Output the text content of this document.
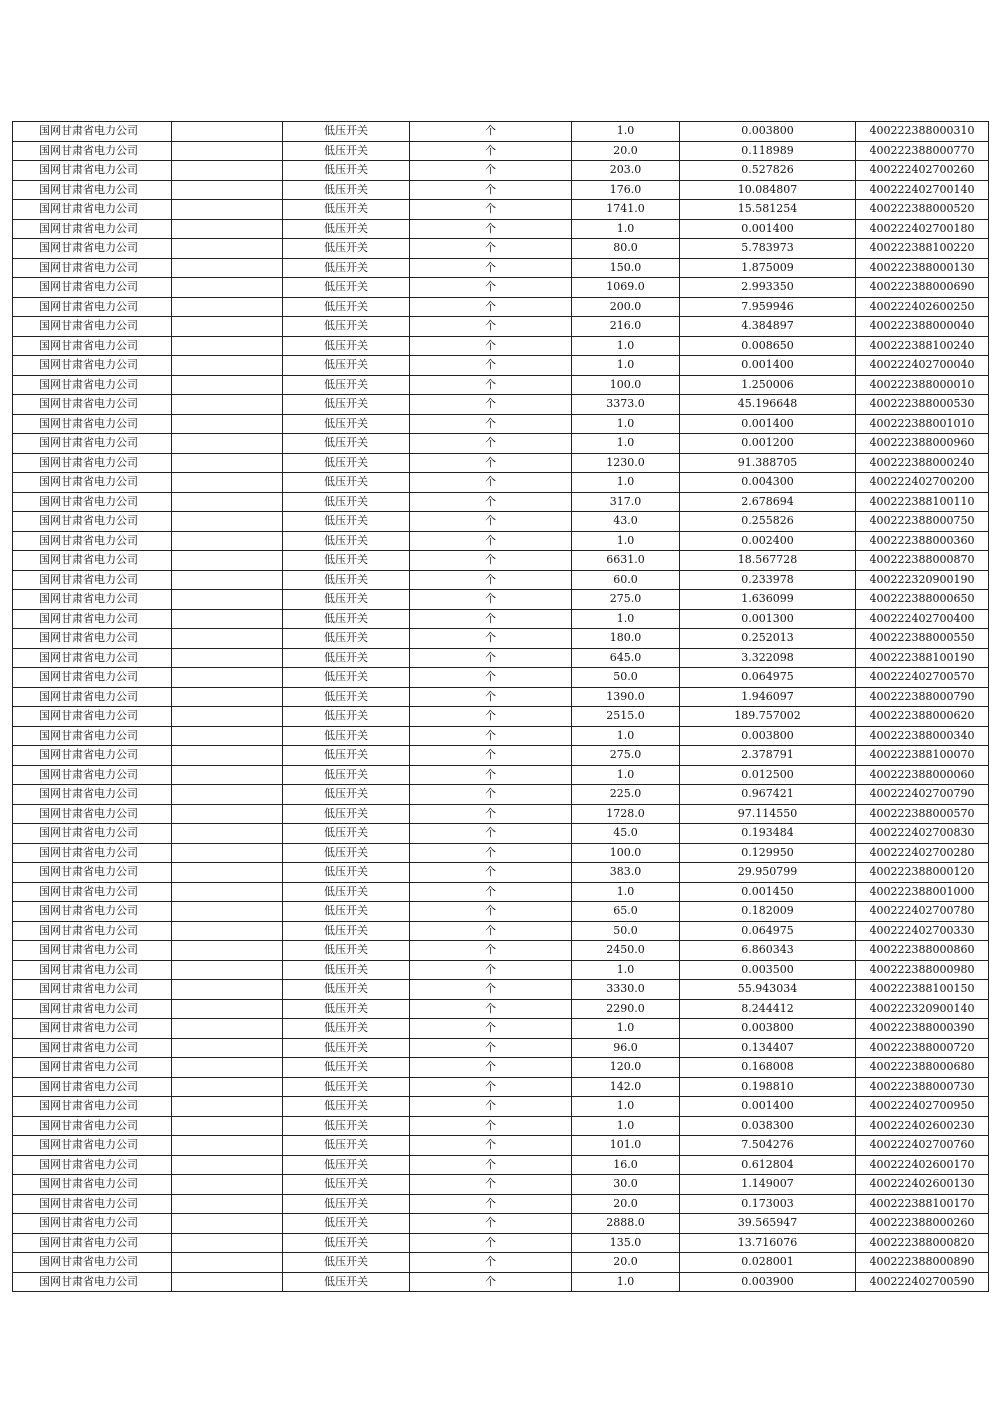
国网甘肃省电力公司		低压开关	个	1.0	0.003800	400222388000310
国网甘肃省电力公司		低压开关	个	20.0	0.118989	400222388000770
国网甘肃省电力公司		低压开关	个	203.0	0.527826	400222402700260
国网甘肃省电力公司		低压开关	个	176.0	10.084807	400222402700140
国网甘肃省电力公司		低压开关	个	1741.0	15.581254	400222388000520
国网甘肃省电力公司		低压开关	个	1.0	0.001400	400222402700180
国网甘肃省电力公司		低压开关	个	80.0	5.783973	400222388100220
国网甘肃省电力公司		低压开关	个	150.0	1.875009	400222388000130
国网甘肃省电力公司		低压开关	个	1069.0	2.993350	400222388000690
国网甘肃省电力公司		低压开关	个	200.0	7.959946	400222402600250
国网甘肃省电力公司		低压开关	个	216.0	4.384897	400222388000040
国网甘肃省电力公司		低压开关	个	1.0	0.008650	400222388100240
国网甘肃省电力公司		低压开关	个	1.0	0.001400	400222402700040
国网甘肃省电力公司		低压开关	个	100.0	1.250006	400222388000010
国网甘肃省电力公司		低压开关	个	3373.0	45.196648	400222388000530
国网甘肃省电力公司		低压开关	个	1.0	0.001400	400222388001010
国网甘肃省电力公司		低压开关	个	1.0	0.001200	400222388000960
国网甘肃省电力公司		低压开关	个	1230.0	91.388705	400222388000240
国网甘肃省电力公司		低压开关	个	1.0	0.004300	400222402700200
国网甘肃省电力公司		低压开关	个	317.0	2.678694	400222388100110
国网甘肃省电力公司		低压开关	个	43.0	0.255826	400222388000750
国网甘肃省电力公司		低压开关	个	1.0	0.002400	400222388000360
国网甘肃省电力公司		低压开关	个	6631.0	18.567728	400222388000870
国网甘肃省电力公司		低压开关	个	60.0	0.233978	400222320900190
国网甘肃省电力公司		低压开关	个	275.0	1.636099	400222388000650
国网甘肃省电力公司		低压开关	个	1.0	0.001300	400222402700400
国网甘肃省电力公司		低压开关	个	180.0	0.252013	400222388000550
国网甘肃省电力公司		低压开关	个	645.0	3.322098	400222388100190
国网甘肃省电力公司		低压开关	个	50.0	0.064975	400222402700570
国网甘肃省电力公司		低压开关	个	1390.0	1.946097	400222388000790
国网甘肃省电力公司		低压开关	个	2515.0	189.757002	400222388000620
国网甘肃省电力公司		低压开关	个	1.0	0.003800	400222388000340
国网甘肃省电力公司		低压开关	个	275.0	2.378791	400222388100070
国网甘肃省电力公司		低压开关	个	1.0	0.012500	400222388000060
国网甘肃省电力公司		低压开关	个	225.0	0.967421	400222402700790
国网甘肃省电力公司		低压开关	个	1728.0	97.114550	400222388000570
国网甘肃省电力公司		低压开关	个	45.0	0.193484	400222402700830
国网甘肃省电力公司		低压开关	个	100.0	0.129950	400222402700280
国网甘肃省电力公司		低压开关	个	383.0	29.950799	400222388000120
国网甘肃省电力公司		低压开关	个	1.0	0.001450	400222388001000
国网甘肃省电力公司		低压开关	个	65.0	0.182009	400222402700780
国网甘肃省电力公司		低压开关	个	50.0	0.064975	400222402700330
国网甘肃省电力公司		低压开关	个	2450.0	6.860343	400222388000860
国网甘肃省电力公司		低压开关	个	1.0	0.003500	400222388000980
国网甘肃省电力公司		低压开关	个	3330.0	55.943034	400222388100150
国网甘肃省电力公司		低压开关	个	2290.0	8.244412	400222320900140
国网甘肃省电力公司		低压开关	个	1.0	0.003800	400222388000390
国网甘肃省电力公司		低压开关	个	96.0	0.134407	400222388000720
国网甘肃省电力公司		低压开关	个	120.0	0.168008	400222388000680
国网甘肃省电力公司		低压开关	个	142.0	0.198810	400222388000730
国网甘肃省电力公司		低压开关	个	1.0	0.001400	400222402700950
国网甘肃省电力公司		低压开关	个	1.0	0.038300	400222402600230
国网甘肃省电力公司		低压开关	个	101.0	7.504276	400222402700760
国网甘肃省电力公司		低压开关	个	16.0	0.612804	400222402600170
国网甘肃省电力公司		低压开关	个	30.0	1.149007	400222402600130
国网甘肃省电力公司		低压开关	个	20.0	0.173003	400222388100170
国网甘肃省电力公司		低压开关	个	2888.0	39.565947	400222388000260
国网甘肃省电力公司		低压开关	个	135.0	13.716076	400222388000820
国网甘肃省电力公司		低压开关	个	20.0	0.028001	400222388000890
国网甘肃省电力公司		低压开关	个	1.0	0.003900	400222402700590
